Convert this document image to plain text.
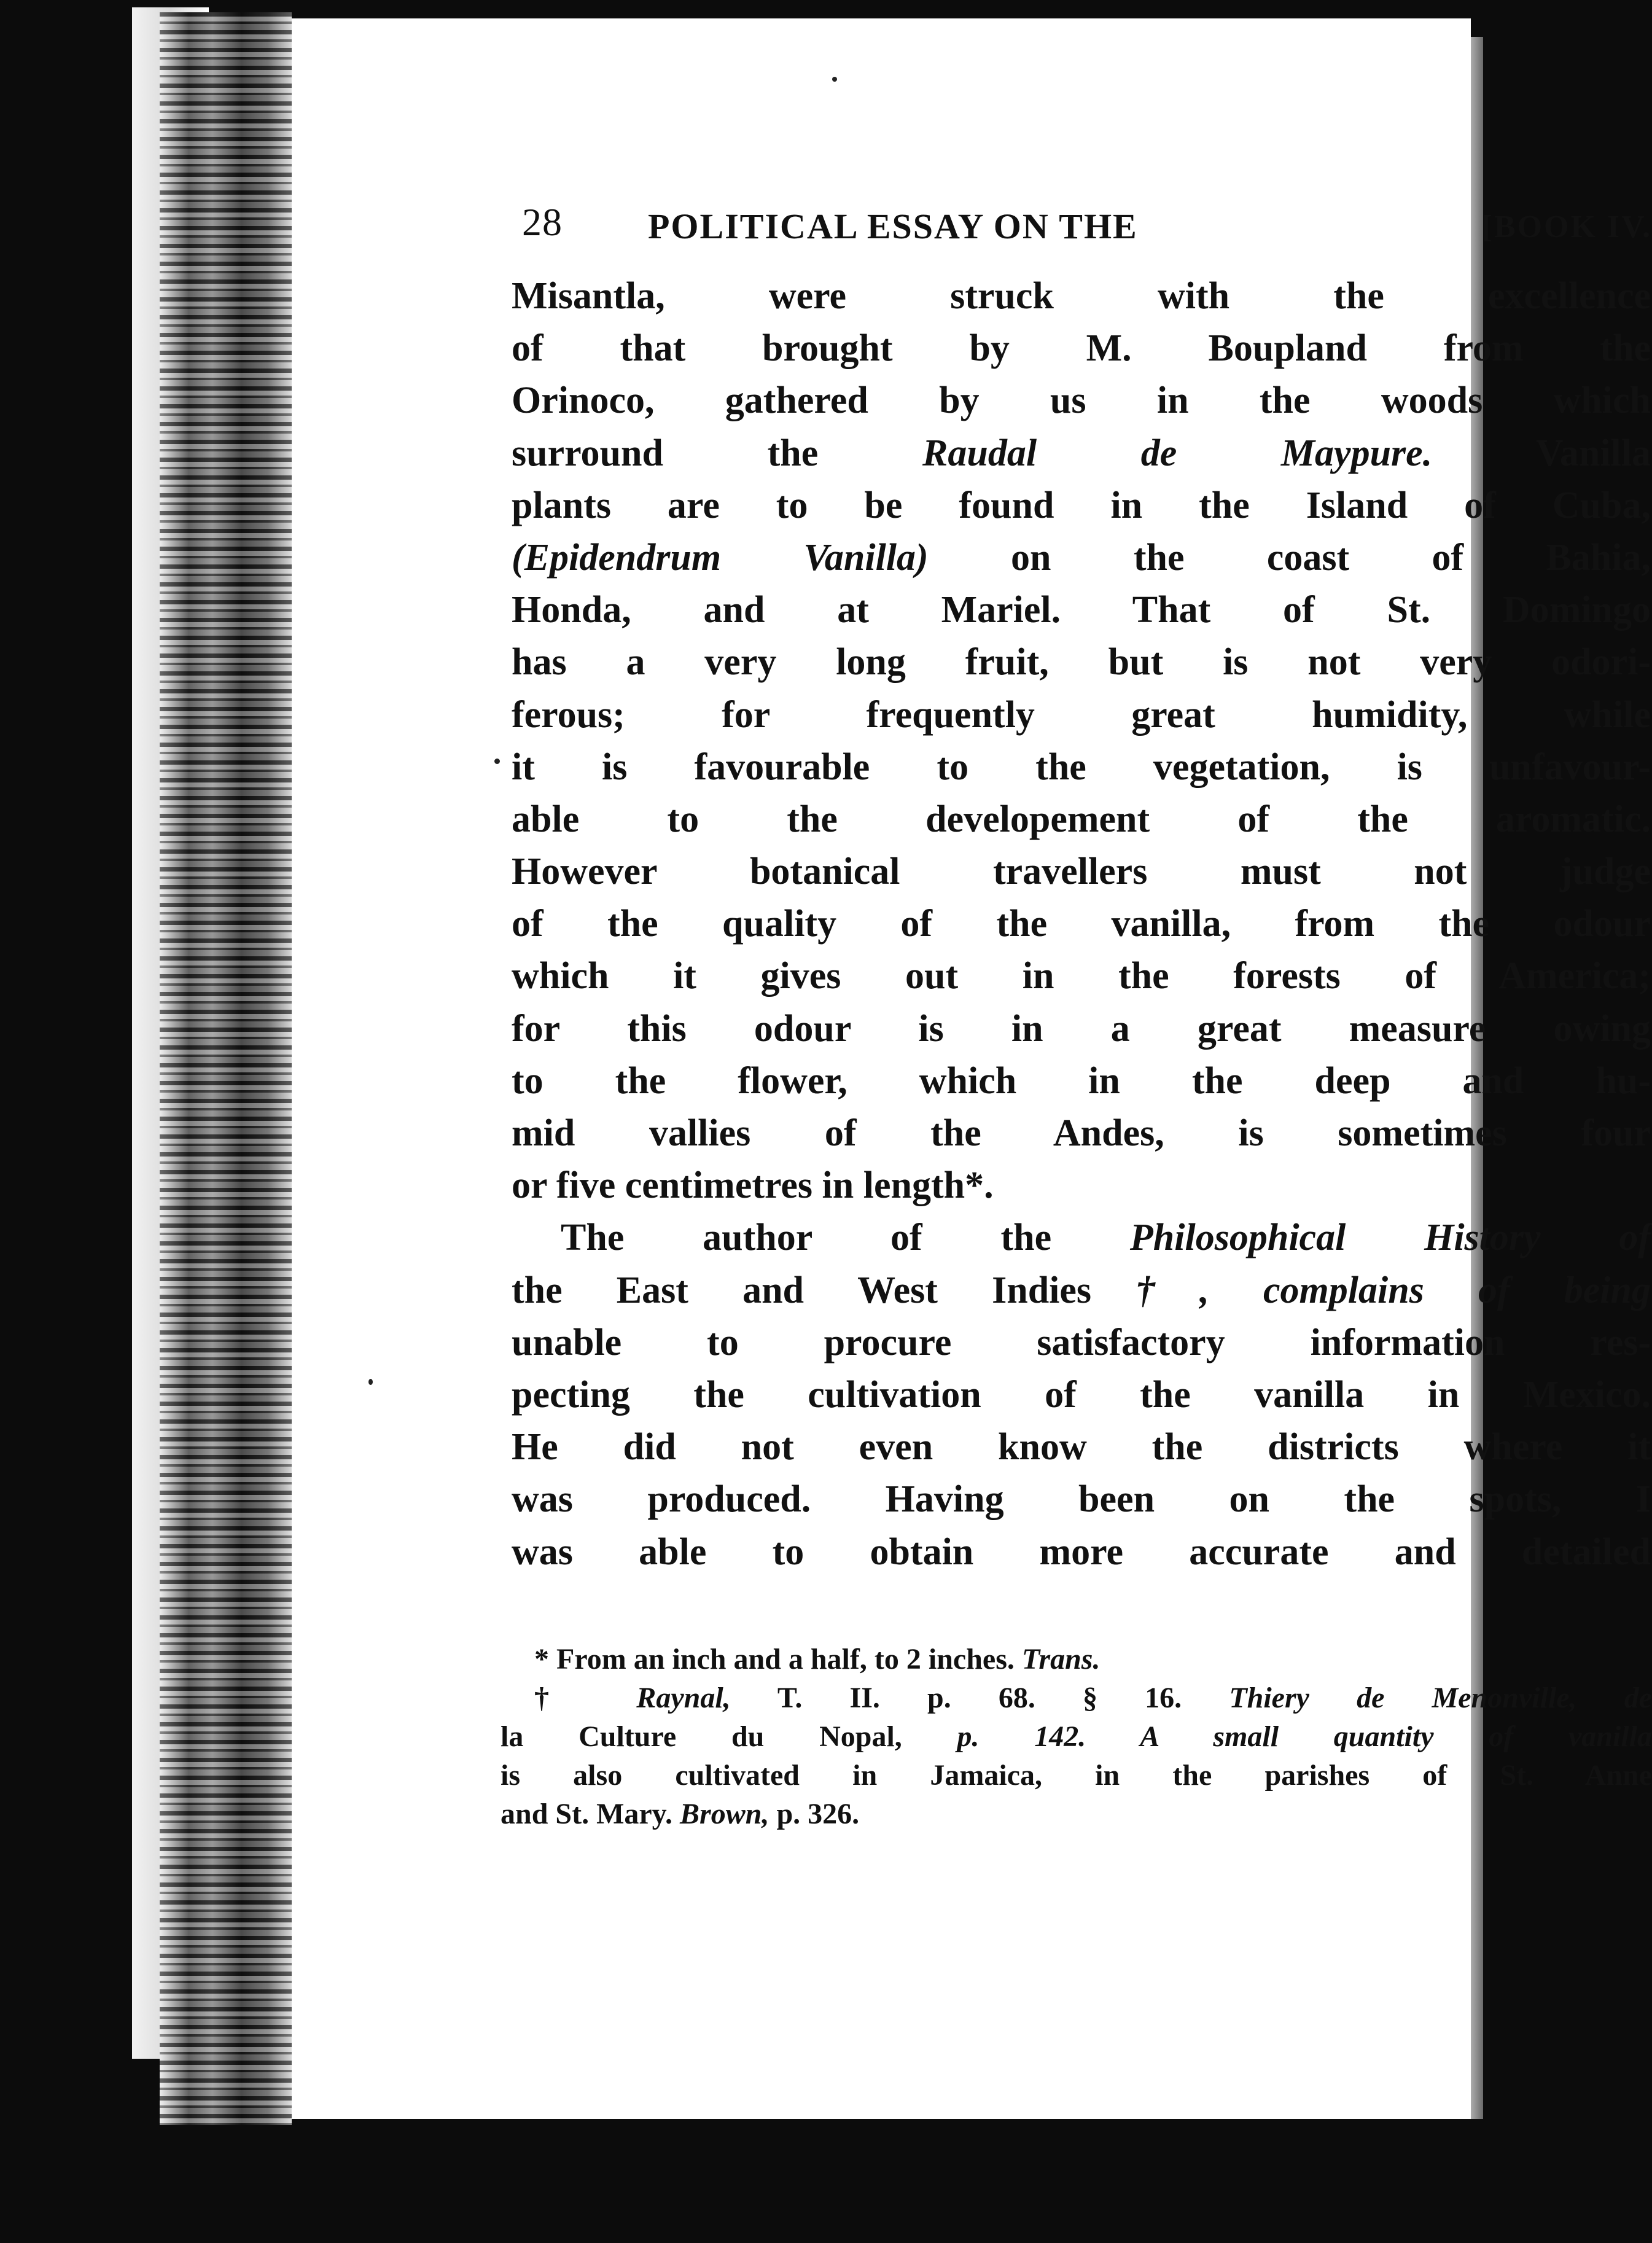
28 POLITICAL ESSAY ON THE	[BOOK IV.
Misantla, were struck with the excellence
of that brought by M. Boupland from the
Orinoco, gathered by us in the woods which
surround the Raudal de Maypure. Vanilla
plants are to be found in the Island of Cuba,
(Epidendrum Vanilla) on the coast of Bahia,
Honda, and at Mariel. That of St. Domingo
has a very long fruit, but is not very odori-
ferous; for frequently great humidity, while
it is favourable to the vegetation, is unfavour-
able to the developement of the aromatic.
However botanical travellers must not judge
of the quality of the vanilla, from the odour
which it gives out in the forests of America;
for this odour is in a great measure owing
to the flower, which in the deep and hu-
mid vallies of the Andes, is sometimes four
or five centimetres in length*.
The author of the Philosophical History of
the East and West Indies†, complains of being
unable to procure satisfactory information res-
pecting the cultivation of the vanilla in Mexico.
He did not even know the districts where it
was produced. Having been on the spots, I
was able to obtain more accurate and detailed
* From an inch and a half, to 2 inches. Trans.
† Raynal, T. II. p. 68. § 16. Thiery de Menonville, de
la Culture du Nopal, p. 142. A small quantity of vanilla
is also cultivated in Jamaica, in the parishes of St. Anne
and St. Mary. Brown, p. 326.
